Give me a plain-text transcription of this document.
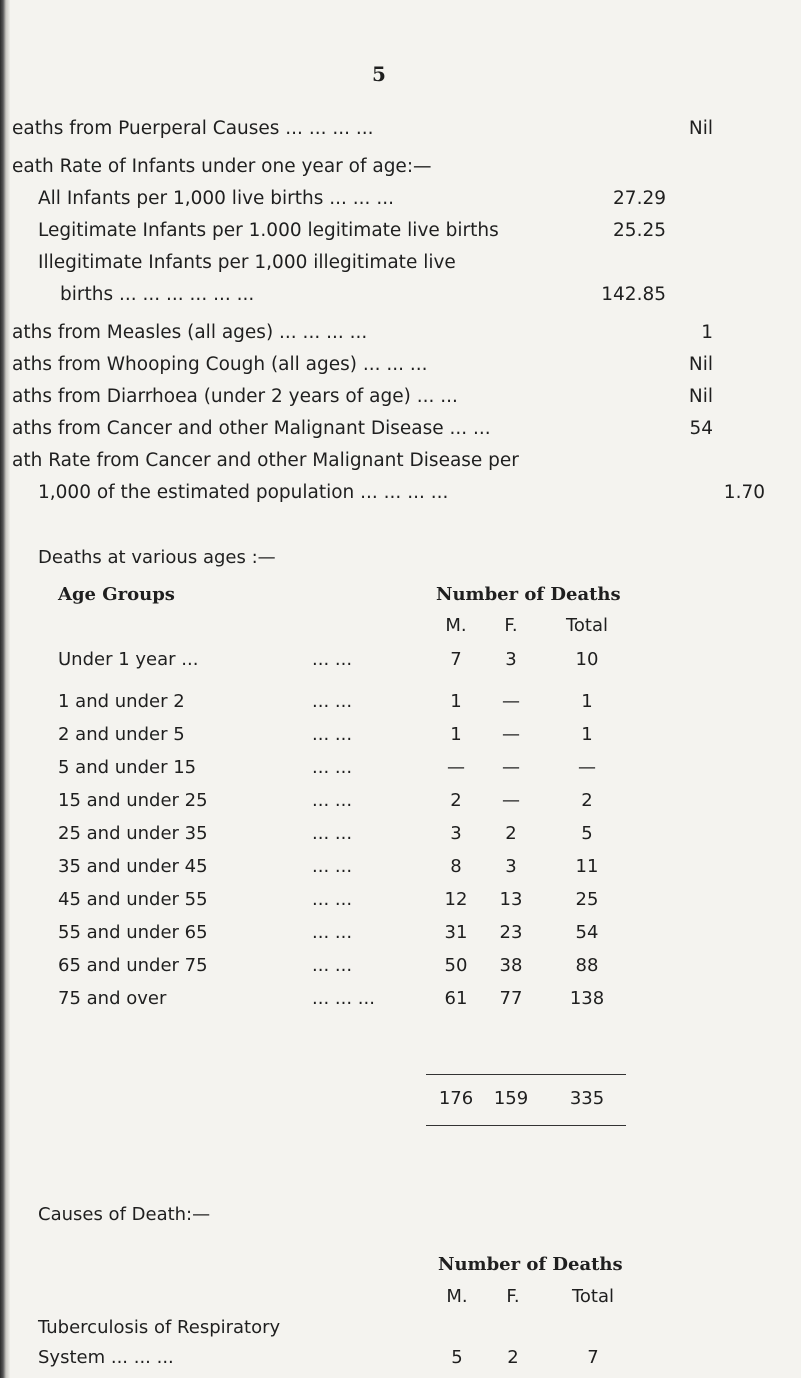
5
eaths from Puerperal Causes ... ... ... ...	Nil
eath Rate of Infants under one year of age:—
All Infants per 1,000 live births ... ... ...	27.29
Legitimate Infants per 1.000 legitimate live births	25.25
Illegitimate Infants per 1,000 illegitimate live
births ... ... ... ... ... ...	142.85
aths from Measles (all ages) ... ... ... ...	1
aths from Whooping Cough (all ages) ... ... ...	Nil
aths from Diarrhoea (under 2 years of age) ... ...	Nil
aths from Cancer and other Malignant Disease ... ...	54
ath Rate from Cancer and other Malignant Disease per
1,000 of the estimated population ... ... ... ...	1.70
Deaths at various ages :—
Age Groups	Number of Deaths
M.	F.	Total
Under 1 year ...	... ...	7	3	10
1 and under 2	... ...	1	—	1
2 and under 5	... ...	1	—	1
5 and under 15	... ...	—	—	—
15 and under 25	... ...	2	—	2
25 and under 35	... ...	3	2	5
35 and under 45	... ...	8	3	11
45 and under 55	... ...	12	13	25
55 and under 65	... ...	31	23	54
65 and under 75	... ...	50	38	88
75 and over	... ... ...	61	77	138
176	159	335
Causes of Death:—
Number of Deaths
M.	F.	Total
Tuberculosis of Respiratory
System ... ... ...	5	2	7
